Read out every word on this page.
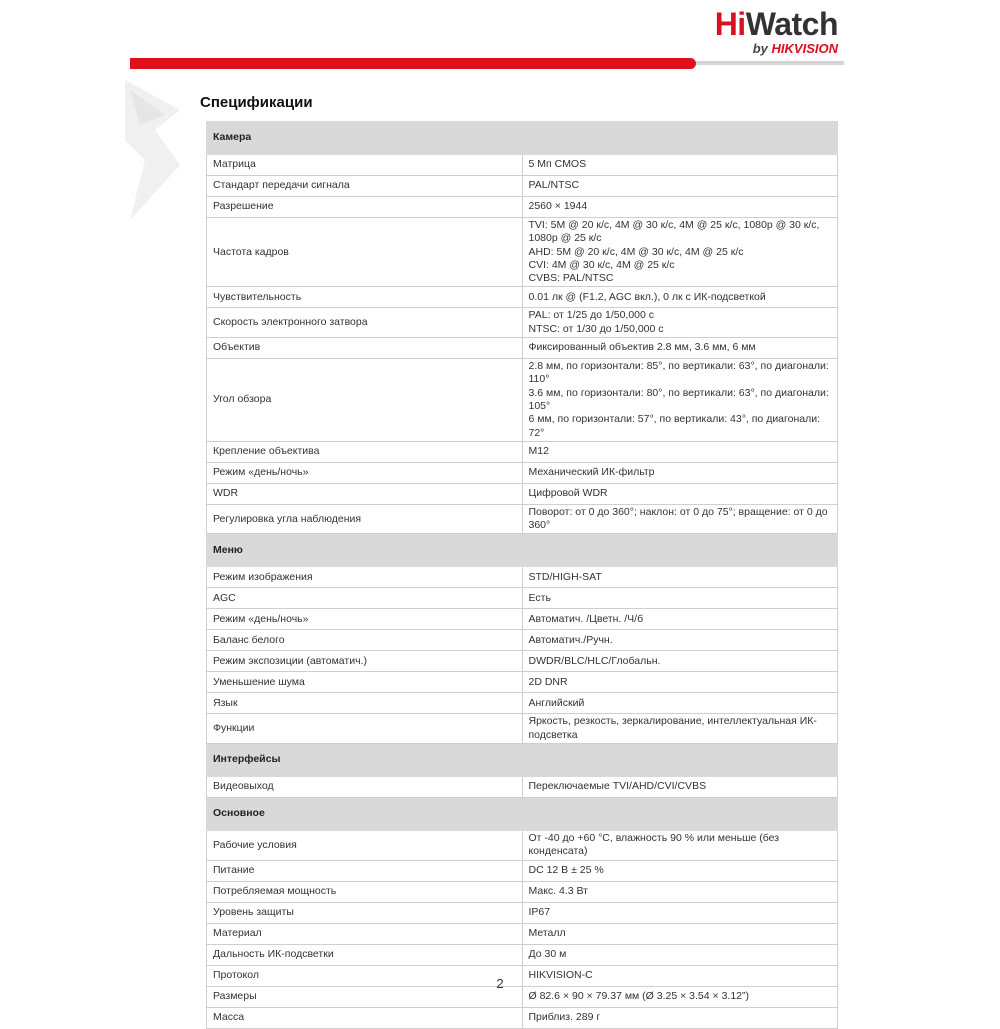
HiWatch
by HIKVISION
Спецификации
Камера	
Матрица	5 Мп CMOS

Стандарт передачи сигнала	PAL/NTSC

Разрешение	2560 × 1944

Частота кадров	TVI: 5M @ 20 к/с, 4M @ 30 к/с, 4M @ 25 к/с, 1080p @ 30 к/с, 1080p @ 25 к/с
AHD: 5M @ 20 к/с, 4M @ 30 к/с, 4M @ 25 к/с
CVI: 4M @ 30 к/с, 4M @ 25 к/с
CVBS: PAL/NTSC

Чувствительность	0.01 лк @ (F1.2, AGC вкл.), 0 лк с ИК-подсветкой

Скорость электронного затвора	PAL: от 1/25 до 1/50,000 с
NTSC: от 1/30 до 1/50,000 с

Объектив	Фиксированный объектив 2.8 мм, 3.6 мм, 6 мм

Угол обзора	2.8 мм, по горизонтали: 85°, по вертикали: 63°, по диагонали: 110°
3.6 мм, по горизонтали: 80°, по вертикали: 63°, по диагонали: 105°
6 мм, по горизонтали: 57°, по вертикали: 43°, по диагонали: 72°

Крепление объектива	M12

Режим «день/ночь»	Механический ИК-фильтр

WDR	Цифровой WDR

Регулировка угла наблюдения	Поворот: от 0 до 360°; наклон: от 0 до 75°; вращение: от 0 до 360°

Меню	
Режим изображения	STD/HIGH-SAT

AGC	Есть

Режим «день/ночь»	Автоматич. /Цветн. /Ч/б

Баланс белого	Автоматич./Ручн.

Режим экспозиции (автоматич.)	DWDR/BLC/HLC/Глобальн.

Уменьшение шума	2D DNR

Язык	Английский

Функции	Яркость, резкость, зеркалирование, интеллектуальная ИК-подсветка

Интерфейсы	
Видеовыход	Переключаемые TVI/AHD/CVI/CVBS

Основное	
Рабочие условия	От -40 до +60 °C, влажность 90 % или меньше (без конденсата)

Питание	DC 12 В ± 25 %

Потребляемая мощность	Макс. 4.3 Вт

Уровень защиты	IP67

Материал	Металл

Дальность ИК-подсветки	До 30 м

Протокол	HIKVISION-C

Размеры	Ø 82.6 × 90 × 79.37 мм (Ø 3.25 × 3.54 × 3.12”)

Масса	Приблиз. 289 г
2
